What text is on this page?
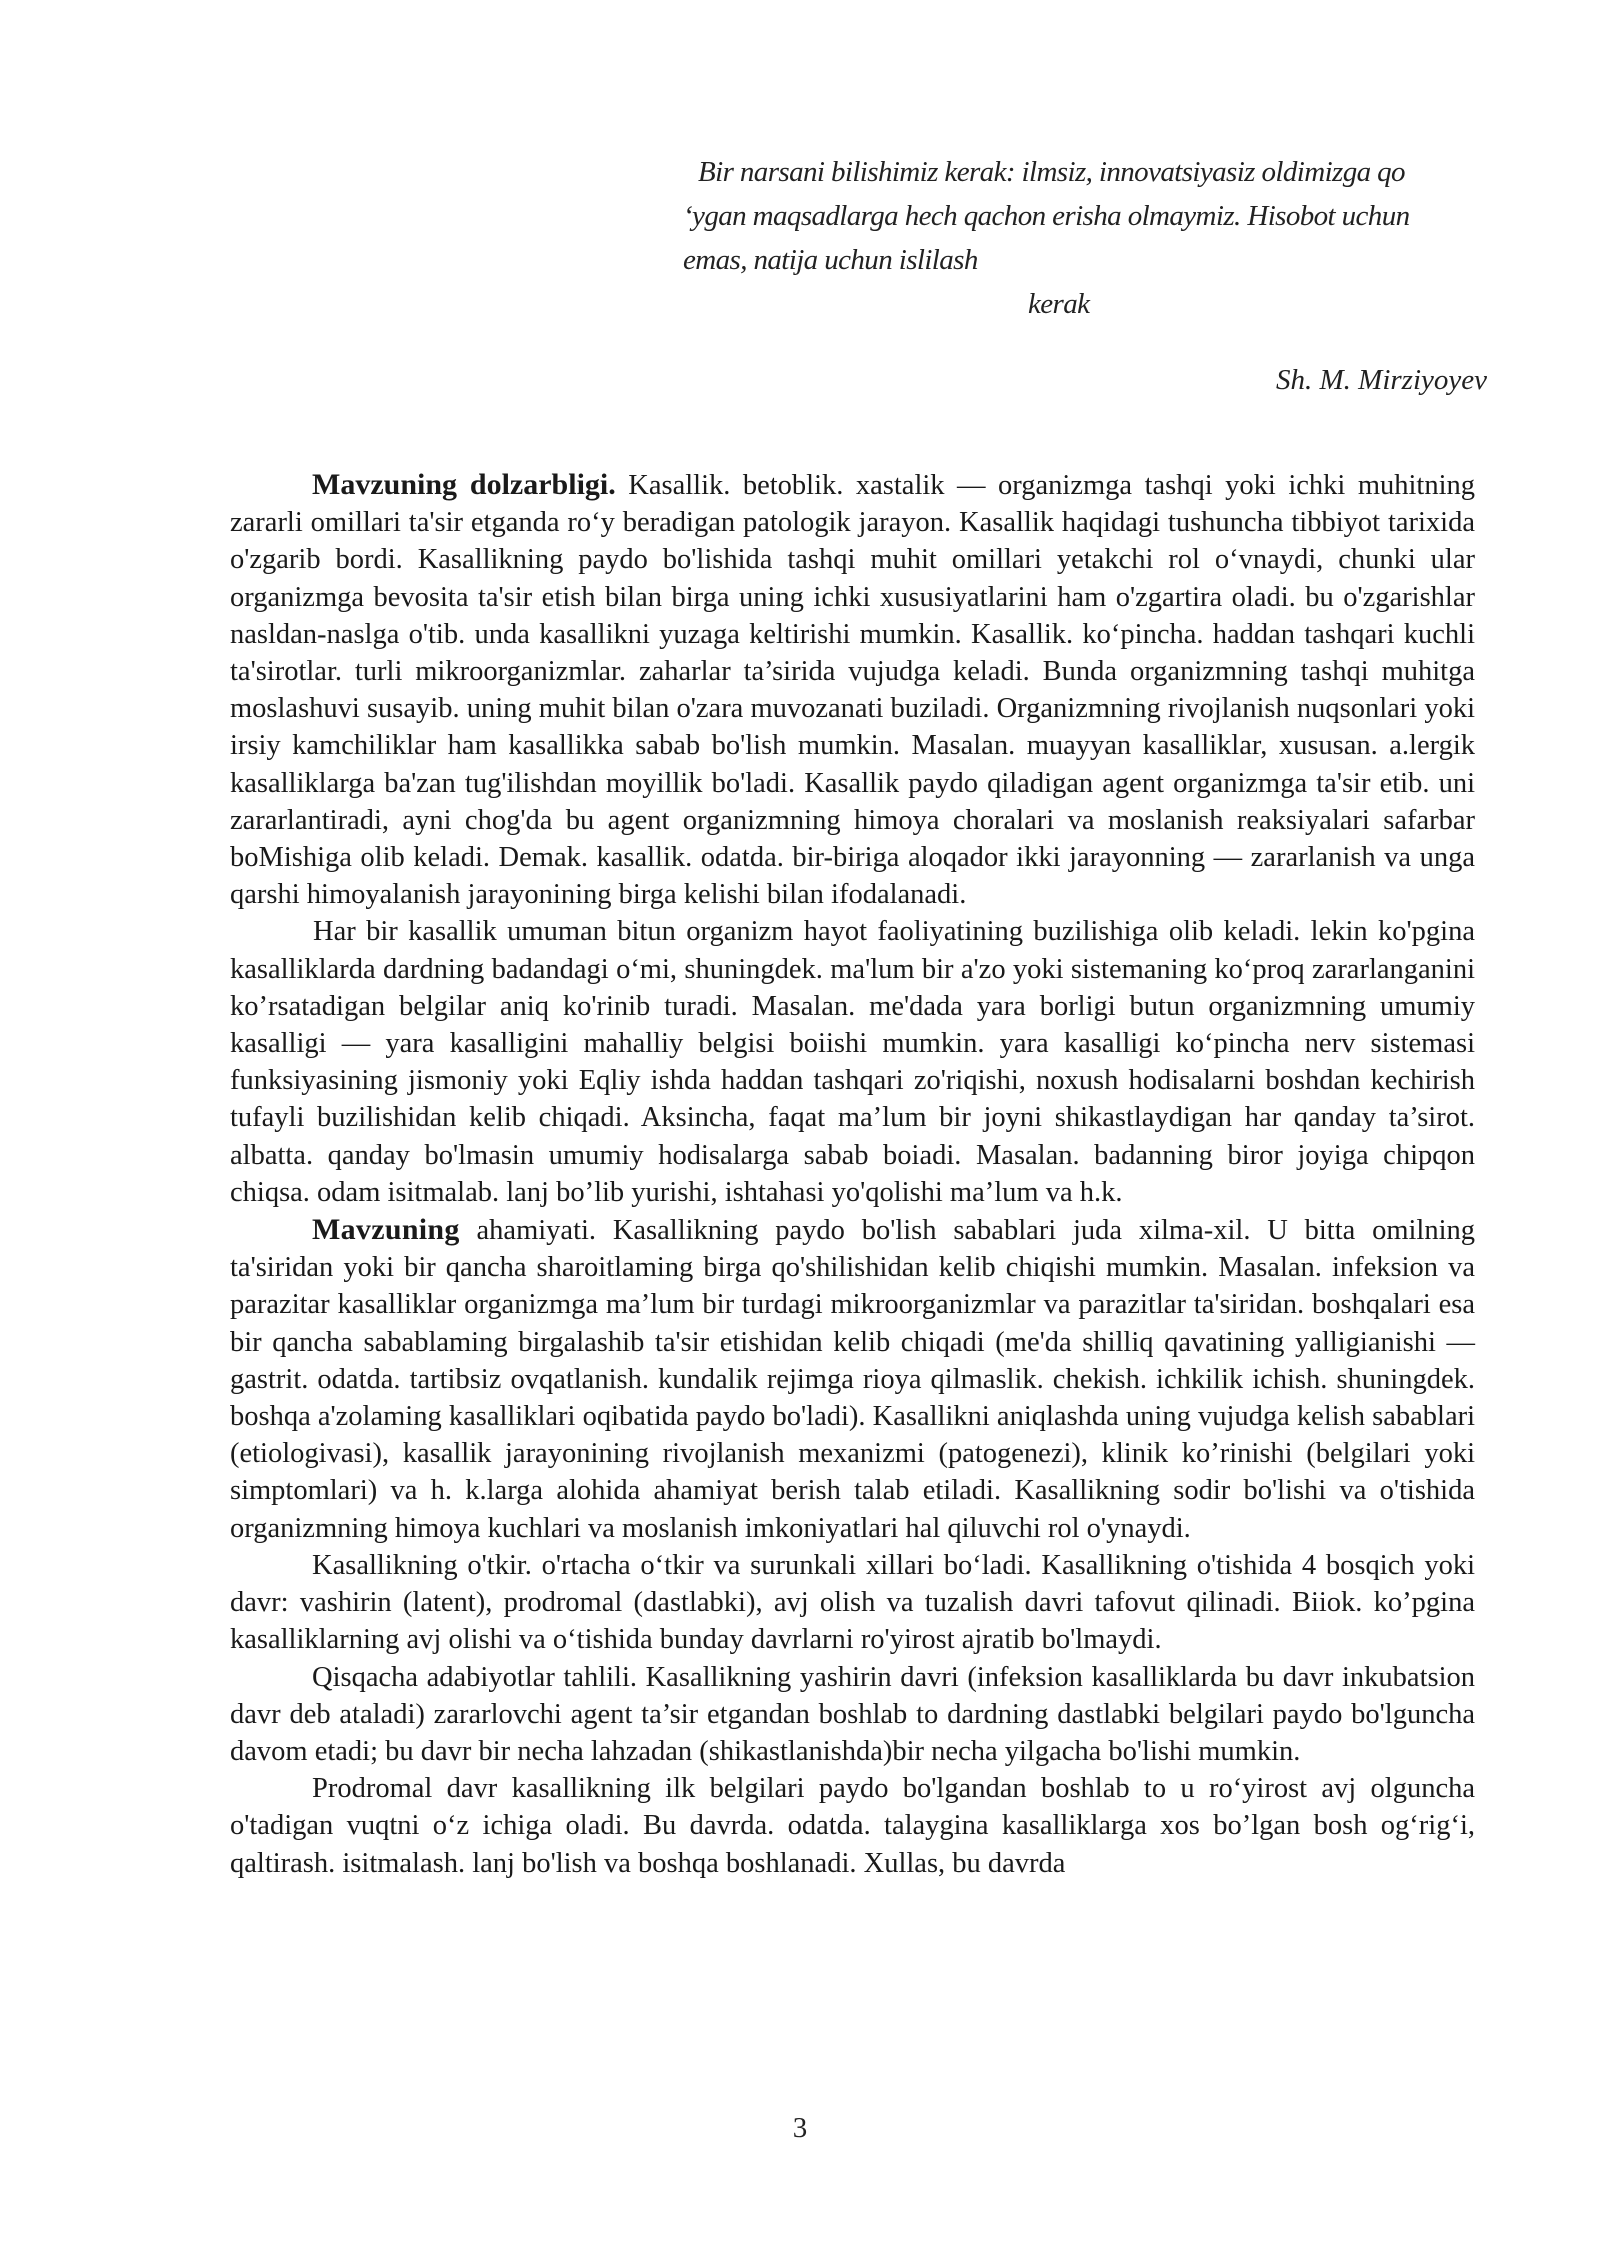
Bir narsani bilishimiz kerak: ilmsiz, innovatsiyasiz oldimizga qo
‘ygan maqsadlarga hech qachon erisha olmaymiz. Hisobot uchun
emas, natija uchun islilash
kerak
Sh. M. Mirziyoyev

Mavzuning dolzarbligi. Kasallik. betoblik. xastalik — organizmga tashqi yoki ichki muhitning zararli omillari ta'sir etganda ro‘y beradigan patologik jarayon. Kasallik haqidagi tushuncha tibbiyot tarixida o'zgarib bordi. Kasallikning paydo bo'lishida tashqi muhit omillari yetakchi rol o‘vnaydi, chunki ular organizmga bevosita ta'sir etish bilan birga uning ichki xususiyatlarini ham o'zgartira oladi. bu o'zgarishlar nasldan-naslga o'tib. unda kasallikni yuzaga keltirishi mumkin. Kasallik. ko‘pincha. haddan tashqari kuchli ta'sirotlar. turli mikroorganizmlar. zaharlar ta’sirida vujudga keladi. Bunda organizmning tashqi muhitga moslashuvi susayib. uning muhit bilan o'zara muvozanati buziladi. Organizmning rivojlanish nuqsonlari yoki irsiy kamchiliklar ham kasallikka sabab bo'lish mumkin. Masalan. muayyan kasalliklar, xususan. a.lergik kasalliklarga ba'zan tug'ilishdan moyillik bo'ladi. Kasallik paydo qiladigan agent organizmga ta'sir etib. uni zararlantiradi, ayni chog'da bu agent organizmning himoya choralari va moslanish reaksiyalari safarbar boMishiga olib keladi. Demak. kasallik. odatda. bir-biriga aloqador ikki jarayonning — zararlanish va unga qarshi himoyalanish jarayonining birga kelishi bilan ifodalanadi.

Har bir kasallik umuman bitun organizm hayot faoliyatining buzilishiga olib keladi. lekin ko'pgina kasalliklarda dardning badandagi o‘mi, shuningdek. ma'lum bir a'zo yoki sistemaning ko‘proq zararlanganini ko’rsatadigan belgilar aniq ko'rinib turadi. Masalan. me'dada yara borligi butun organizmning umumiy kasalligi — yara kasalligini mahalliy belgisi boiishi mumkin. yara kasalligi ko‘pincha nerv sistemasi funksiyasining jismoniy yoki Eqliy ishda haddan tashqari zo'riqishi, noxush hodisalarni boshdan kechirish tufayli buzilishidan kelib chiqadi. Aksincha, faqat ma’lum bir joyni shikastlaydigan har qanday ta’sirot. albatta. qanday bo'lmasin umumiy hodisalarga sabab boiadi. Masalan. badanning biror joyiga chipqon chiqsa. odam isitmalab. lanj bo’lib yurishi, ishtahasi yo'qolishi ma’lum va h.k.

Mavzuning ahamiyati. Kasallikning paydo bo'lish sabablari juda xilma-xil. U bitta omilning ta'siridan yoki bir qancha sharoitlaming birga qo'shilishidan kelib chiqishi mumkin. Masalan. infeksion va parazitar kasalliklar organizmga ma’lum bir turdagi mikroorganizmlar va parazitlar ta'siridan. boshqalari esa bir qancha sabablaming birgalashib ta'sir etishidan kelib chiqadi (me'da shilliq qavatining yalligianishi — gastrit. odatda. tartibsiz ovqatlanish. kundalik rejimga rioya qilmaslik. chekish. ichkilik ichish. shuningdek. boshqa a'zolaming kasalliklari oqibatida paydo bo'ladi). Kasallikni aniqlashda uning vujudga kelish sabablari (etiologivasi), kasallik jarayonining rivojlanish mexanizmi (patogenezi), klinik ko’rinishi (belgilari yoki simptomlari) va h. k.larga alohida ahamiyat berish talab etiladi. Kasallikning sodir bo'lishi va o'tishida organizmning himoya kuchlari va moslanish imkoniyatlari hal qiluvchi rol o'ynaydi.

Kasallikning o'tkir. o'rtacha o‘tkir va surunkali xillari bo‘ladi. Kasallikning o'tishida 4 bosqich yoki davr: vashirin (latent), prodromal (dastlabki), avj olish va tuzalish davri tafovut qilinadi. Biiok. ko’pgina kasalliklarning avj olishi va o‘tishida bunday davrlarni ro'yirost ajratib bo'lmaydi.

Qisqacha adabiyotlar tahlili. Kasallikning yashirin davri (infeksion kasalliklarda bu davr inkubatsion davr deb ataladi) zararlovchi agent ta’sir etgandan boshlab to dardning dastlabki belgilari paydo bo'lguncha davom etadi; bu davr bir necha lahzadan (shikastlanishda)bir necha yilgacha bo'lishi mumkin.

Prodromal davr kasallikning ilk belgilari paydo bo'lgandan boshlab to u ro‘yirost avj olguncha o'tadigan vuqtni o‘z ichiga oladi. Bu davrda. odatda. talaygina kasalliklarga xos bo’lgan bosh og‘rig‘i, qaltirash. isitmalash. lanj bo'lish va boshqa boshlanadi. Xullas, bu davrda

3
